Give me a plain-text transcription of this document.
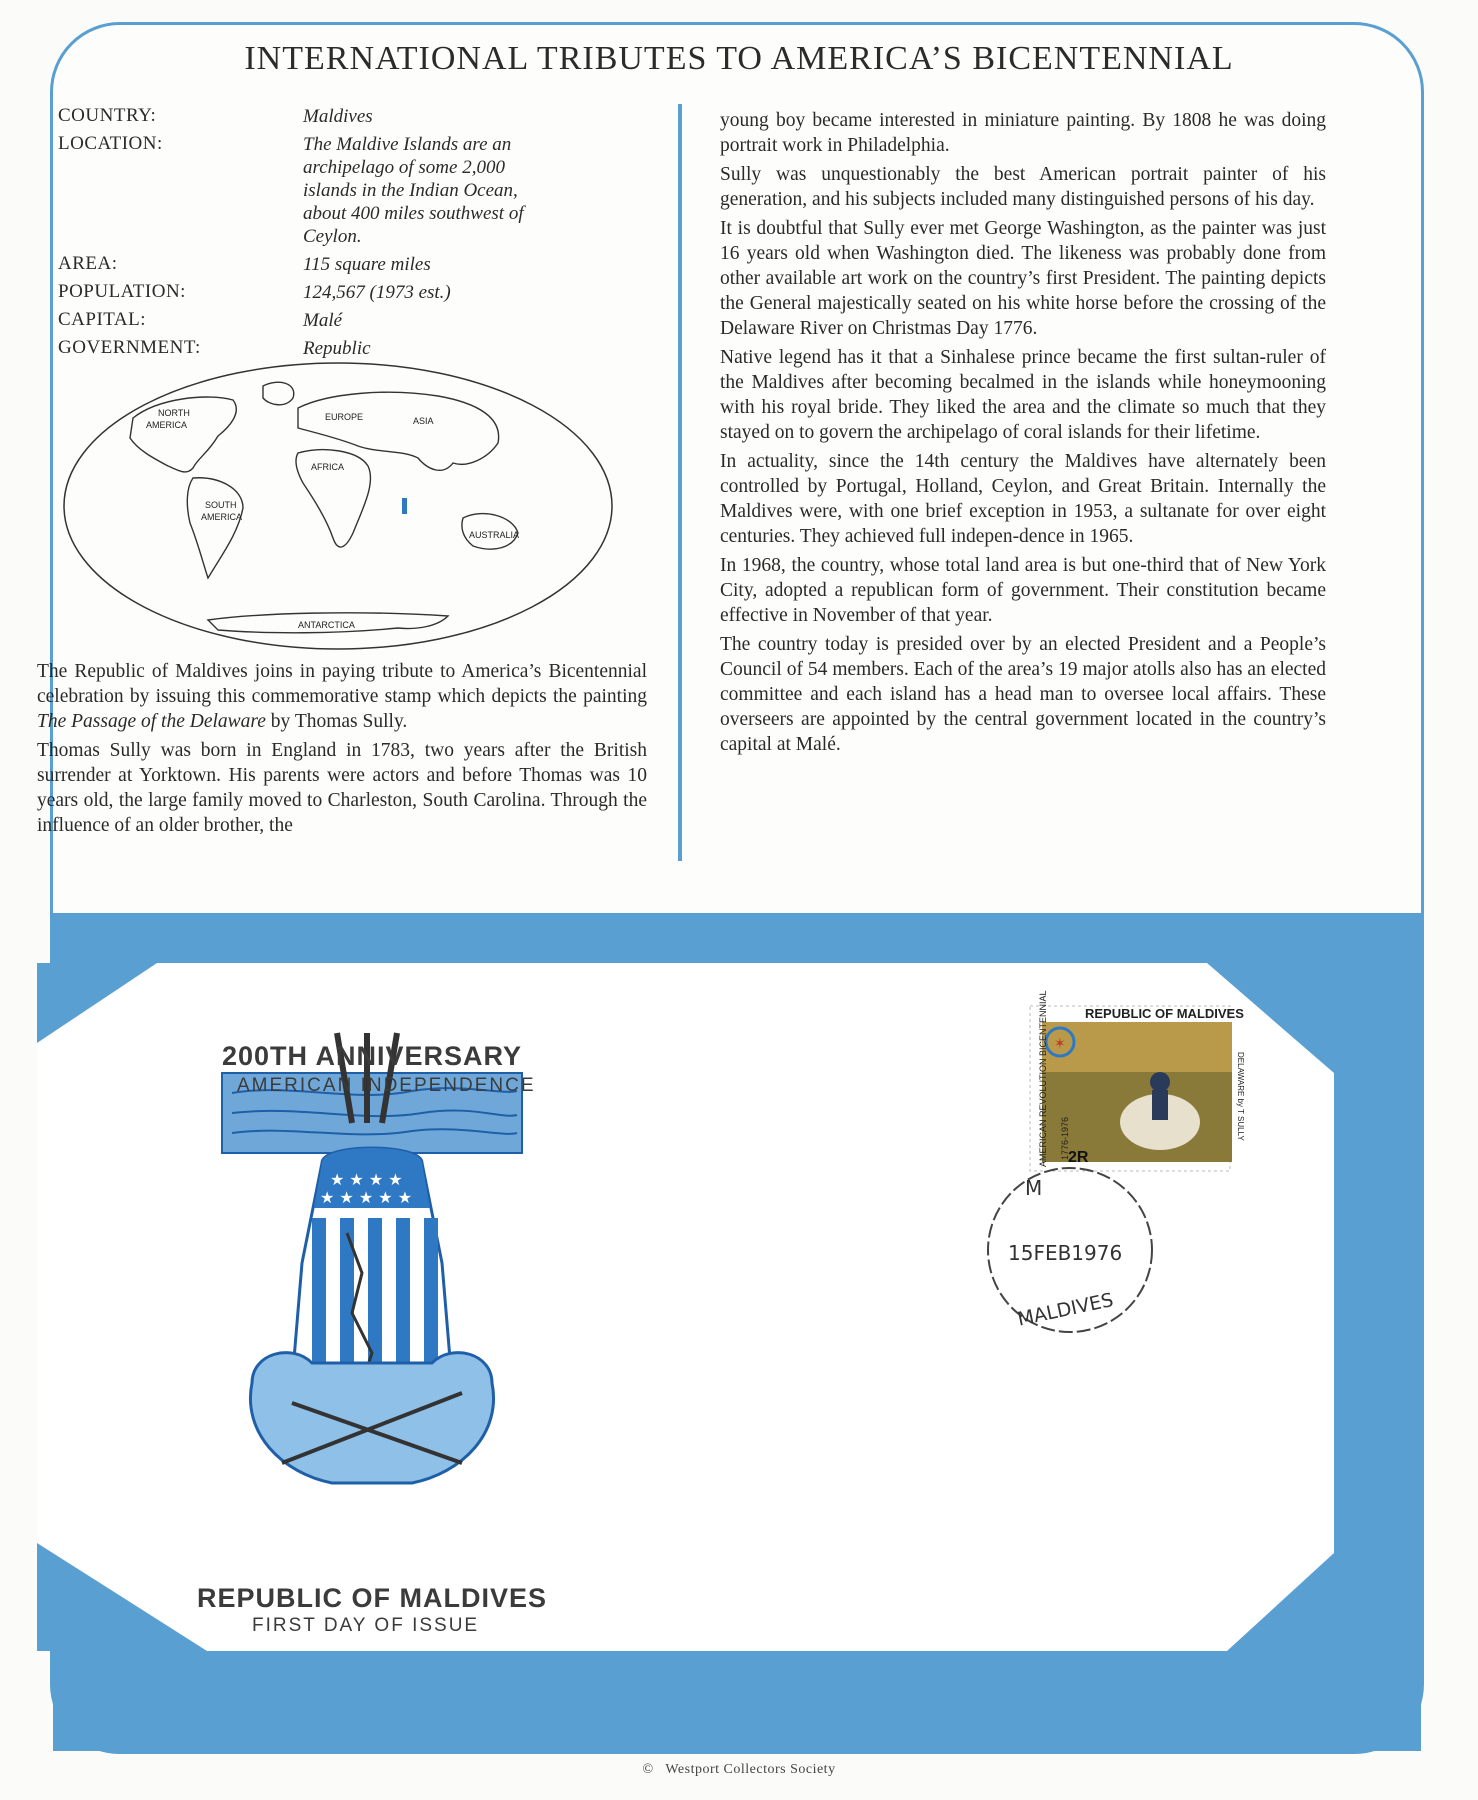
INTERNATIONAL TRIBUTES TO AMERICA’S BICENTENNIAL
COUNTRY:	Maldives
LOCATION:	The Maldive Islands are an archipelago of some 2,000 islands in the Indian Ocean, about 400 miles southwest of Ceylon.
AREA:	115 square miles
POPULATION:	124,567 (1973 est.)
CAPITAL:	Malé
GOVERNMENT:	Republic
NORTH
AMERICA
EUROPE	ASIA
AFRICA
SOUTH
AMERICA
AUSTRALIA
ANTARCTICA

The Republic of Maldives joins in paying tribute to America’s Bicentennial celebration by issuing this commemorative stamp which depicts the painting The Passage of the Delaware by Thomas Sully.

Thomas Sully was born in England in 1783, two years after the British surrender at Yorktown. His parents were actors and before Thomas was 10 years old, the large family moved to Charleston, South Carolina. Through the influence of an older brother, the

young boy became interested in miniature painting. By 1808 he was doing portrait work in Philadelphia.

Sully was unquestionably the best American portrait painter of his generation, and his subjects included many distinguished persons of his day.

It is doubtful that Sully ever met George Washington, as the painter was just 16 years old when Washington died. The likeness was probably done from other available art work on the country’s first President. The painting depicts the General majestically seated on his white horse before the crossing of the Delaware River on Christmas Day 1776.

Native legend has it that a Sinhalese prince became the first sultan-ruler of the Maldives after becoming becalmed in the islands while honeymooning with his royal bride. They liked the area and the climate so much that they stayed on to govern the archipelago of coral islands for their lifetime.

In actuality, since the 14th century the Maldives have alternately been controlled by Portugal, Holland, Ceylon, and Great Britain. Internally the Maldives were, with one brief exception in 1953, a sultanate for over eight centuries. They achieved full indepen-dence in 1965.

In 1968, the country, whose total land area is but one-third that of New York City, adopted a republican form of government. Their constitution became effective in November of that year.

The country today is presided over by an elected President and a People’s Council of 54 members. Each of the area’s 19 major atolls also has an elected committee and each island has a head man to oversee local affairs. These overseers are appointed by the central government located in the country’s capital at Malé.

★ ★ ★ ★
★ ★ ★ ★ ★
200TH ANNIVERSARY
AMERICAN INDEPENDENCE
REPUBLIC OF MALDIVES
FIRST DAY OF ISSUE
✶
REPUBLIC OF MALDIVES
AMERICAN REVOLUTION BICENTENNIAL 1776-1976
2R
DELAWARE by T SULLY
M
15FEB1976
MALDIVES
© Westport Collectors Society
